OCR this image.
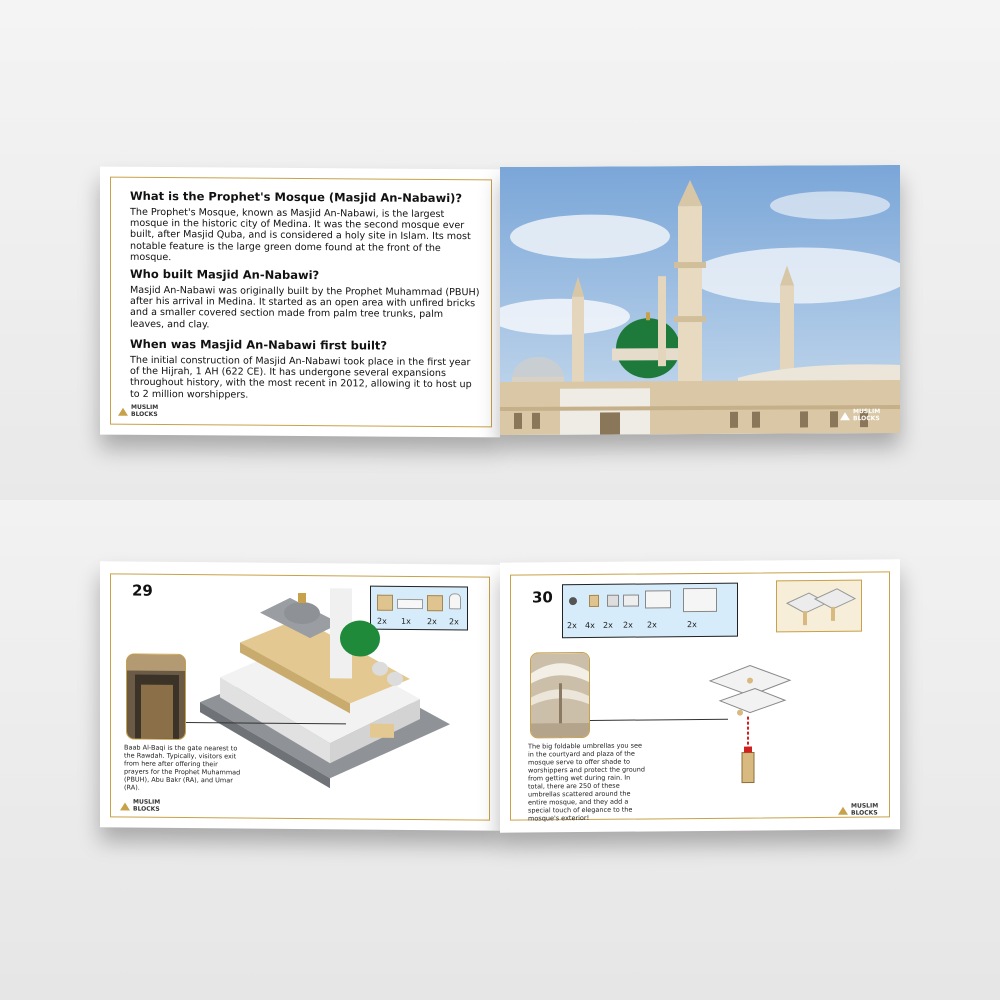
What is the Prophet's Mosque (Masjid An-Nabawi)?

The Prophet's Mosque, known as Masjid An-Nabawi, is the largest mosque in the historic city of Medina. It was the second mosque ever built, after Masjid Quba, and is considered a holy site in Islam. Its most notable feature is the large green dome found at the front of the mosque.

Who built Masjid An-Nabawi?

Masjid An-Nabawi was originally built by the Prophet Muhammad (PBUH) after his arrival in Medina. It started as an open area with unfired bricks and a smaller covered section made from palm tree trunks, palm leaves, and clay.

When was Masjid An-Nabawi first built?

The initial construction of Masjid An-Nabawi took place in the first year of the Hijrah, 1 AH (622 CE). It has undergone several expansions throughout history, with the most recent in 2012, allowing it to host up to 2 million worshippers.

MUSLIM
BLOCKS	MUSLIM
BLOCKS
29
2x 1x 2x 2x
Baab Al-Baqi is the gate nearest to the Rawdah. Typically, visitors exit from here after offering their prayers for the Prophet Muhammad (PBUH), Abu Bakr (RA), and Umar (RA).
MUSLIM
BLOCKS
30
2x 4x 2x 2x 2x	2x
The big foldable umbrellas you see in the courtyard and plaza of the mosque serve to offer shade to worshippers and protect the ground from getting wet during rain. In total, there are 250 of these umbrellas scattered around the entire mosque, and they add a special touch of elegance to the mosque's exterior!
MUSLIM
BLOCKS
